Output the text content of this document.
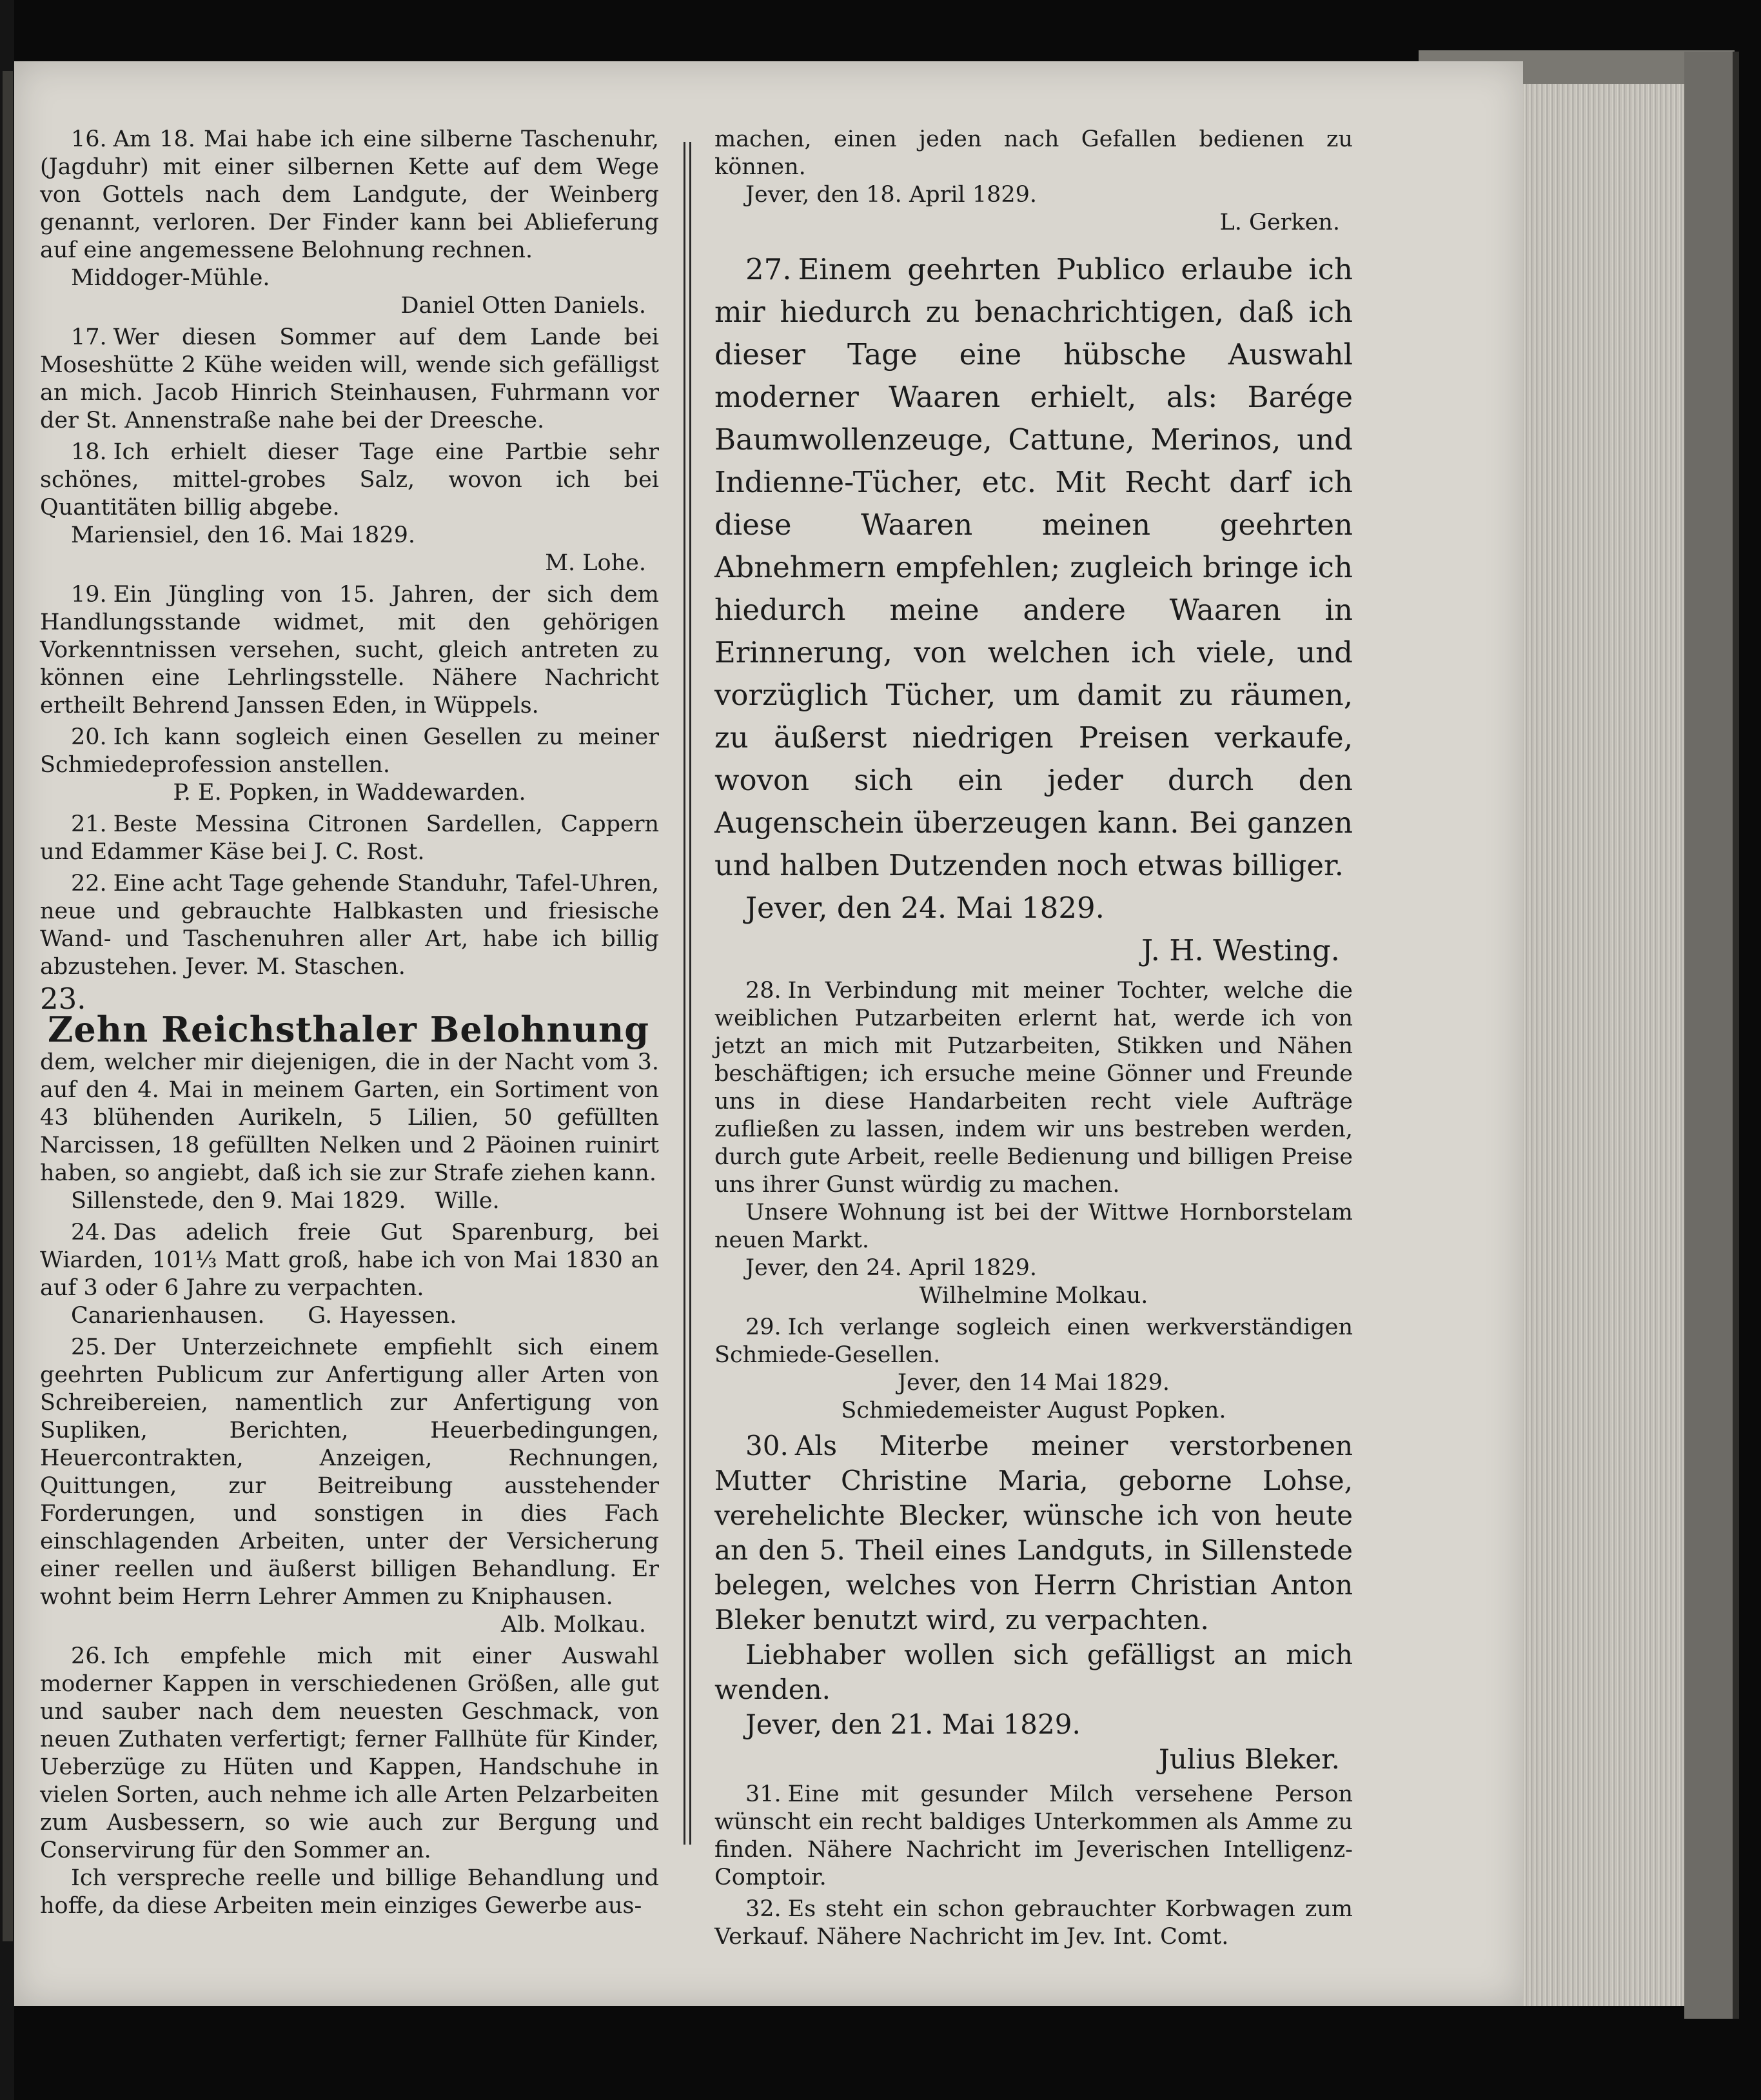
16. Am 18. Mai habe ich eine silberne Taschenuhr, (Jagduhr) mit einer silbernen Kette auf dem Wege von Gottels nach dem Landgute, der Weinberg genannt, verloren. Der Finder kann bei Ablieferung auf eine angemessene Belohnung rechnen.

Middoger-Mühle.

Daniel Otten Daniels.

17. Wer diesen Sommer auf dem Lande bei Moseshütte 2 Kühe weiden will, wende sich gefälligst an mich. Jacob Hinrich Steinhausen, Fuhrmann vor der St. Annenstraße nahe bei der Dreesche.

18. Ich erhielt dieser Tage eine Partbie sehr schönes, mittel-grobes Salz, wovon ich bei Quantitäten billig abgebe.

Mariensiel, den 16. Mai 1829.

M. Lohe.

19. Ein Jüngling von 15. Jahren, der sich dem Handlungsstande widmet, mit den gehörigen Vorkenntnissen versehen, sucht, gleich antreten zu können eine Lehrlingsstelle. Nähere Nachricht ertheilt Behrend Janssen Eden, in Wüppels.

20. Ich kann sogleich einen Gesellen zu meiner Schmiedeprofession anstellen.

P. E. Popken, in Waddewarden.

21. Beste Messina Citronen Sardellen, Cappern und Edammer Käse bei J. C. Rost.

22. Eine acht Tage gehende Standuhr, Tafel-Uhren, neue und gebrauchte Halbkasten und friesische Wand- und Taschenuhren aller Art, habe ich billig abzustehen. Jever. M. Staschen.

23.Zehn Reichsthaler Belohnung

dem, welcher mir diejenigen, die in der Nacht vom 3. auf den 4. Mai in meinem Garten, ein Sortiment von 43 blühenden Aurikeln, 5 Lilien, 50 gefüllten Narcissen, 18 gefüllten Nelken und 2 Päoinen ruinirt haben, so angiebt, daß ich sie zur Strafe ziehen kann.

Sillenstede, den 9. Mai 1829. Wille.

24. Das adelich freie Gut Sparenburg, bei Wiarden, 101⅓ Matt groß, habe ich von Mai 1830 an auf 3 oder 6 Jahre zu verpachten.

Canarienhausen. G. Hayessen.

25. Der Unterzeichnete empfiehlt sich einem geehrten Publicum zur Anfertigung aller Arten von Schreibereien, namentlich zur Anfertigung von Supliken, Berichten, Heuerbedingungen, Heuercontrakten, Anzeigen, Rechnungen, Quittungen, zur Beitreibung ausstehender Forderungen, und sonstigen in dies Fach einschlagenden Arbeiten, unter der Versicherung einer reellen und äußerst billigen Behandlung. Er wohnt beim Herrn Lehrer Ammen zu Kniphausen.

Alb. Molkau.

26. Ich empfehle mich mit einer Auswahl moderner Kappen in verschiedenen Größen, alle gut und sauber nach dem neuesten Geschmack, von neuen Zuthaten verfertigt; ferner Fallhüte für Kinder, Ueberzüge zu Hüten und Kappen, Handschuhe in vielen Sorten, auch nehme ich alle Arten Pelzarbeiten zum Ausbessern, so wie auch zur Bergung und Conservirung für den Sommer an.

Ich verspreche reelle und billige Behandlung und hoffe, da diese Arbeiten mein einziges Gewerbe aus-

machen, einen jeden nach Gefallen bedienen zu können.

Jever, den 18. April 1829.

L. Gerken.

27. Einem geehrten Publico erlaube ich mir hiedurch zu benachrichtigen, daß ich dieser Tage eine hübsche Auswahl moderner Waaren erhielt, als: Barége Baumwollenzeuge, Cattune, Merinos, und Indienne-Tücher, etc. Mit Recht darf ich diese Waaren meinen geehrten Abnehmern empfehlen; zugleich bringe ich hiedurch meine andere Waaren in Erinnerung, von welchen ich viele, und vorzüglich Tücher, um damit zu räumen, zu äußerst niedrigen Preisen verkaufe, wovon sich ein jeder durch den Augenschein überzeugen kann. Bei ganzen und halben Dutzenden noch etwas billiger.

Jever, den 24. Mai 1829.

J. H. Westing.

28. In Verbindung mit meiner Tochter, welche die weiblichen Putzarbeiten erlernt hat, werde ich von jetzt an mich mit Putzarbeiten, Stikken und Nähen beschäftigen; ich ersuche meine Gönner und Freunde uns in diese Handarbeiten recht viele Aufträge zufließen zu lassen, indem wir uns bestreben werden, durch gute Arbeit, reelle Bedienung und billigen Preise uns ihrer Gunst würdig zu machen.

Unsere Wohnung ist bei der Wittwe Hornborstelam neuen Markt.

Jever, den 24. April 1829.

Wilhelmine Molkau.

29. Ich verlange sogleich einen werkverständigen Schmiede-Gesellen.

Jever, den 14 Mai 1829.

Schmiedemeister August Popken.

30. Als Miterbe meiner verstorbenen Mutter Christine Maria, geborne Lohse, verehelichte Blecker, wünsche ich von heute an den 5. Theil eines Landguts, in Sillenstede belegen, welches von Herrn Christian Anton Bleker benutzt wird, zu verpachten.

Liebhaber wollen sich gefälligst an mich wenden.

Jever, den 21. Mai 1829.

Julius Bleker.

31. Eine mit gesunder Milch versehene Person wünscht ein recht baldiges Unterkommen als Amme zu finden. Nähere Nachricht im Jeverischen Intelligenz-Comptoir.

32. Es steht ein schon gebrauchter Korbwagen zum Verkauf. Nähere Nachricht im Jev. Int. Comt.
